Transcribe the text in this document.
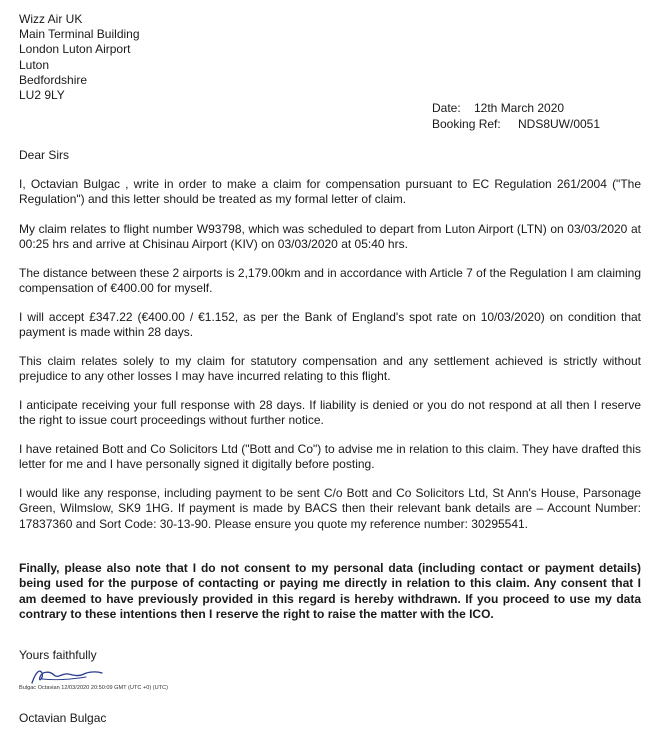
Wizz Air UK
Main Terminal Building
London Luton Airport
Luton
Bedfordshire
LU2 9LY
Date: 12th March 2020
Booking Ref: NDS8UW/0051
Dear Sirs
I, Octavian Bulgac , write in order to make a claim for compensation pursuant to EC Regulation 261/2004 ("The Regulation") and this letter should be treated as my formal letter of claim.
My claim relates to flight number W93798, which was scheduled to depart from Luton Airport (LTN) on 03/03/2020 at 00:25 hrs and arrive at Chisinau Airport (KIV) on 03/03/2020 at 05:40 hrs.
The distance between these 2 airports is 2,179.00km and in accordance with Article 7 of the Regulation I am claiming compensation of €400.00 for myself.
I will accept £347.22 (€400.00 / €1.152, as per the Bank of England's spot rate on 10/03/2020) on condition that payment is made within 28 days.
This claim relates solely to my claim for statutory compensation and any settlement achieved is strictly without prejudice to any other losses I may have incurred relating to this flight.
I anticipate receiving your full response with 28 days. If liability is denied or you do not respond at all then I reserve the right to issue court proceedings without further notice.
I have retained Bott and Co Solicitors Ltd ("Bott and Co") to advise me in relation to this claim. They have drafted this letter for me and I have personally signed it digitally before posting.
I would like any response, including payment to be sent C/o Bott and Co Solicitors Ltd, St Ann's House, Parsonage Green, Wilmslow, SK9 1HG. If payment is made by BACS then their relevant bank details are – Account Number: 17837360 and Sort Code: 30-13-90. Please ensure you quote my reference number: 30295541.
Finally, please also note that I do not consent to my personal data (including contact or payment details) being used for the purpose of contacting or paying me directly in relation to this claim. Any consent that I am deemed to have previously provided in this regard is hereby withdrawn. If you proceed to use my data contrary to these intentions then I reserve the right to raise the matter with the ICO.
Yours faithfully
Bulgac Octavian 12/03/2020 20:50:09 GMT (UTC +0) (UTC)
Octavian Bulgac
